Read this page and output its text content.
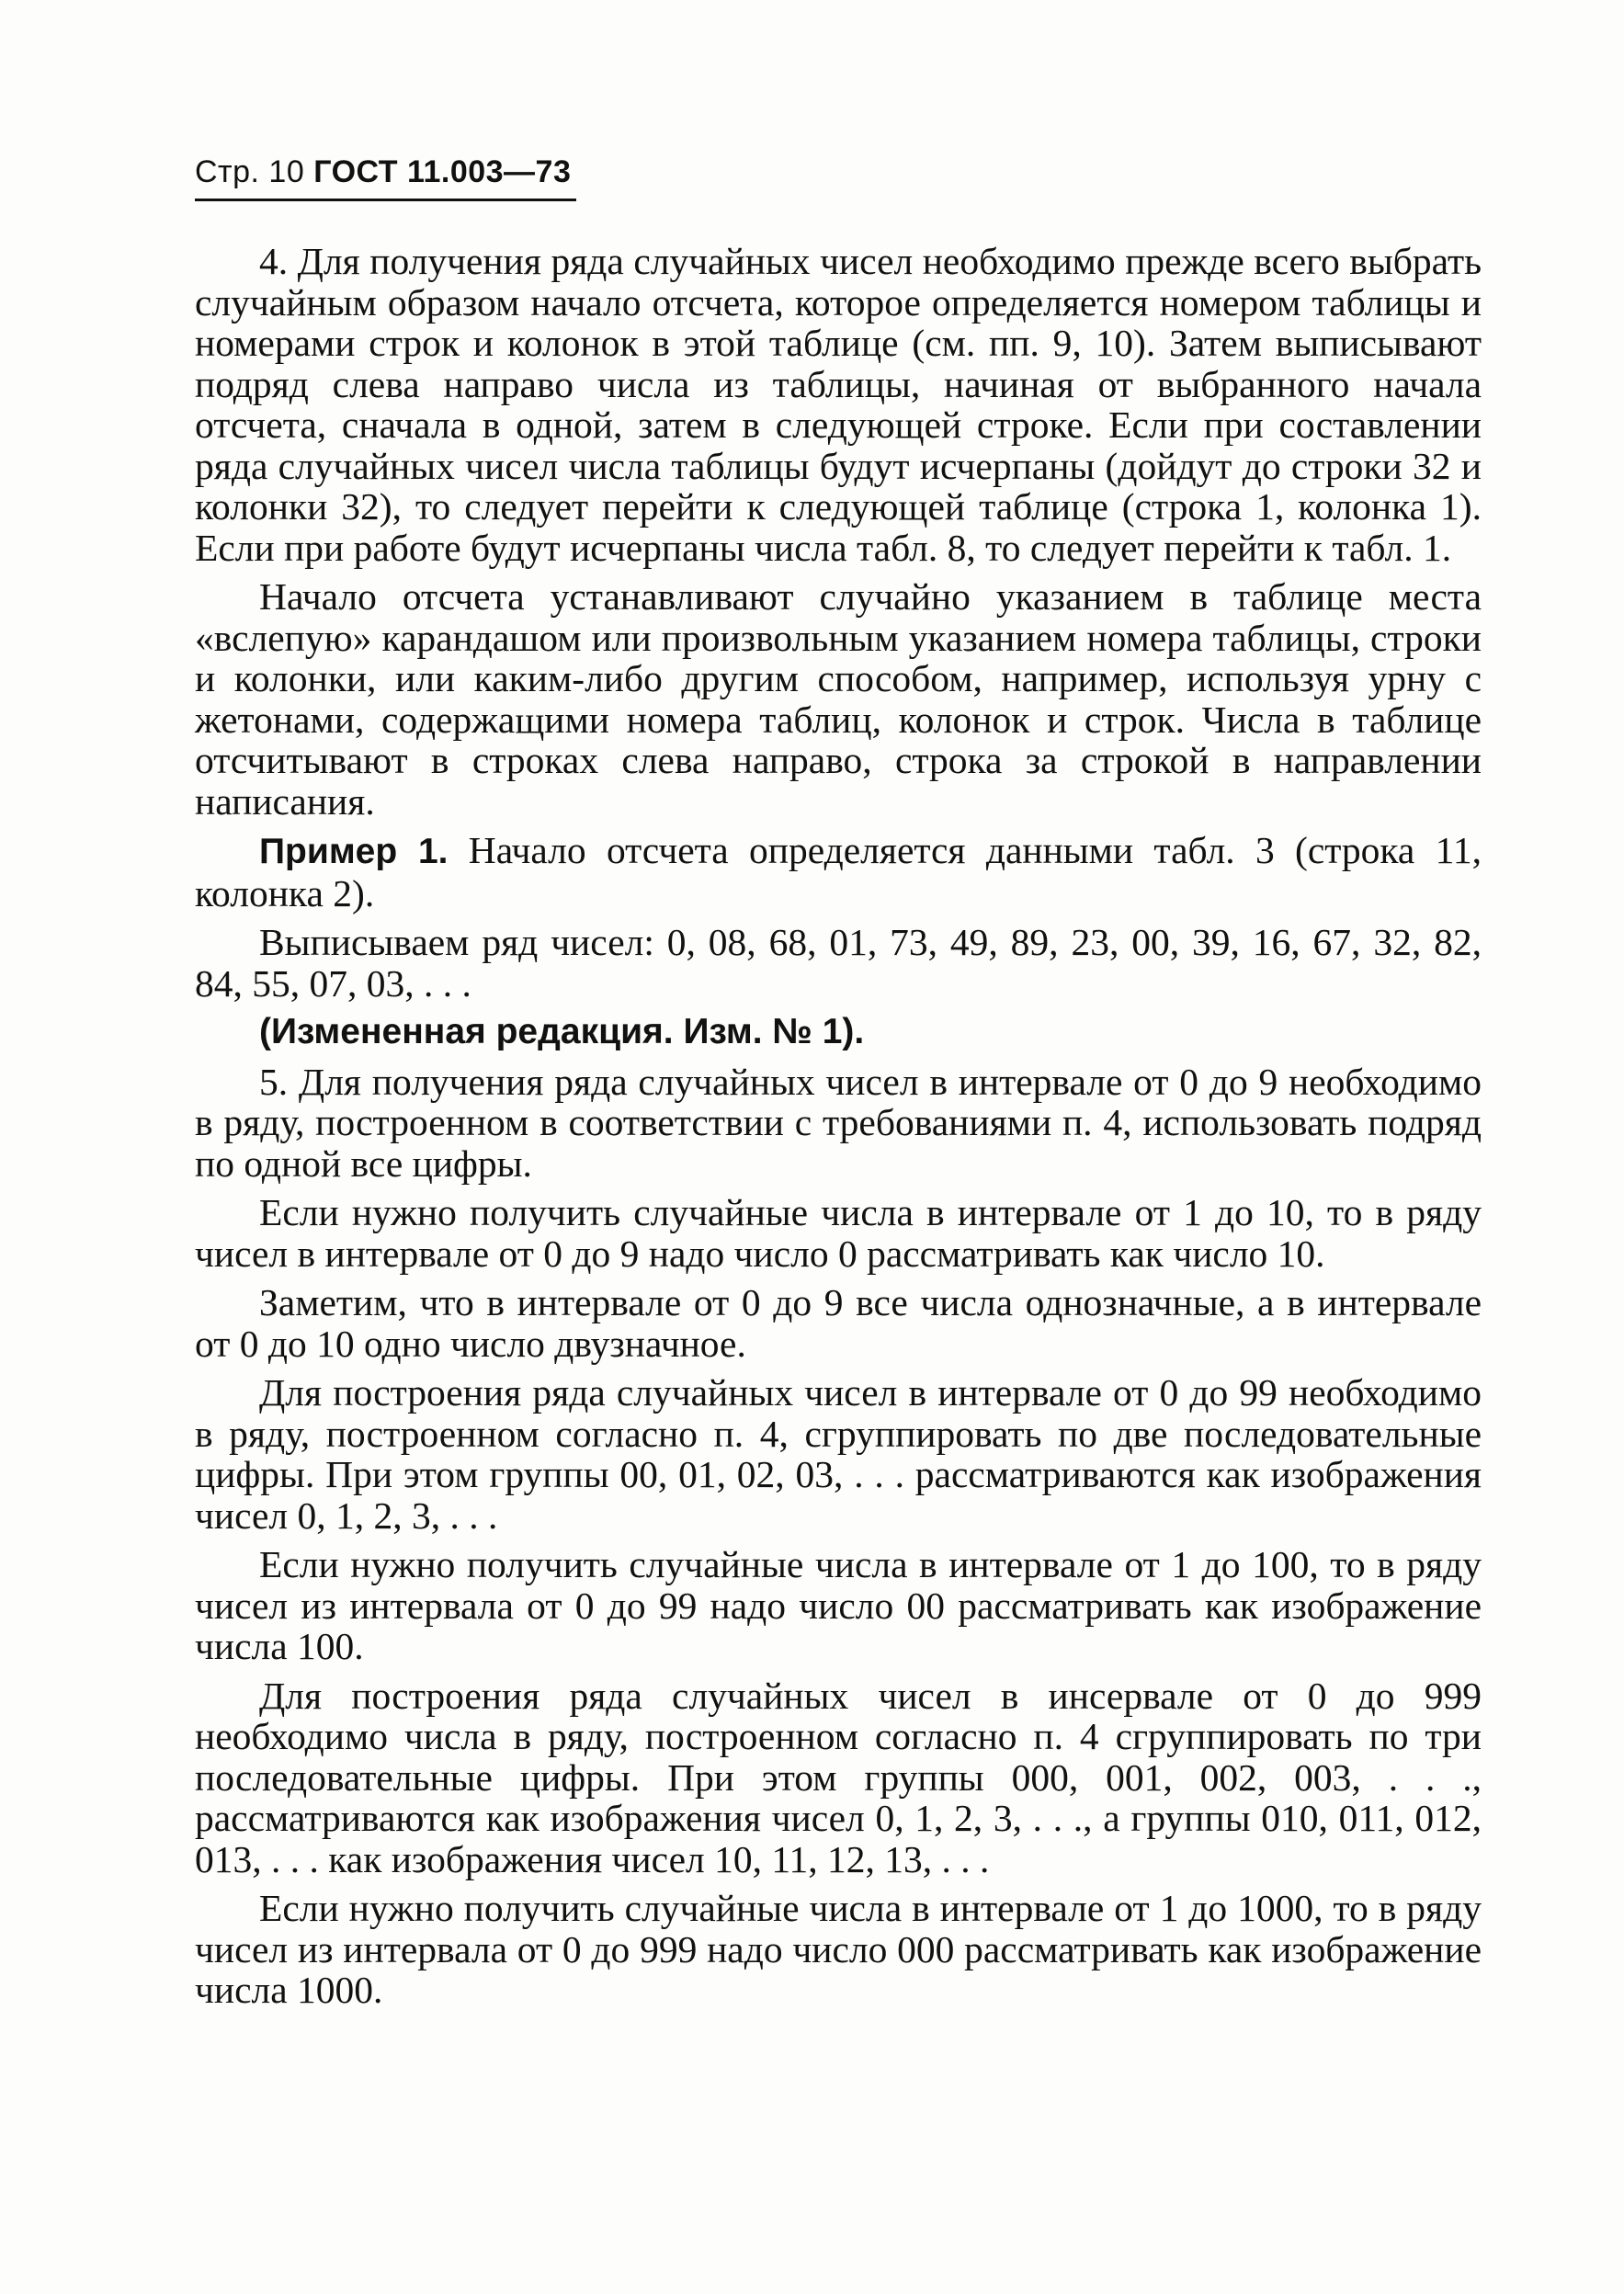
Стр. 10 ГОСТ 11.003—73

4. Для получения ряда случайных чисел необходимо прежде всего выбрать случайным образом начало отсчета, которое определяется номером таблицы и номерами строк и колонок в этой таблице (см. пп. 9, 10). Затем выписывают подряд слева направо числа из таблицы, начиная от выбранного начала отсчета, сначала в одной, затем в следующей строке. Если при составлении ряда случайных чисел числа таблицы будут исчерпаны (дойдут до строки 32 и колонки 32), то следует перейти к следующей таблице (строка 1, колонка 1). Если при работе будут исчерпаны числа табл. 8, то следует перейти к табл. 1.

Начало отсчета устанавливают случайно указанием в таблице места «вслепую» карандашом или произвольным указанием номера таблицы, строки и колонки, или каким-либо другим способом, например, используя урну с жетонами, содержащими номера таблиц, колонок и строк. Числа в таблице отсчитывают в строках слева направо, строка за строкой в направлении написания.

Пример 1. Начало отсчета определяется данными табл. 3 (строка 11, колонка 2).

Выписываем ряд чисел: 0, 08, 68, 01, 73, 49, 89, 23, 00, 39, 16, 67, 32, 82, 84, 55, 07, 03, . . .

(Измененная редакция. Изм. № 1).

5. Для получения ряда случайных чисел в интервале от 0 до 9 необходимо в ряду, построенном в соответствии с требованиями п. 4, использовать подряд по одной все цифры.

Если нужно получить случайные числа в интервале от 1 до 10, то в ряду чисел в интервале от 0 до 9 надо число 0 рассматривать как число 10.

Заметим, что в интервале от 0 до 9 все числа однозначные, а в интервале от 0 до 10 одно число двузначное.

Для построения ряда случайных чисел в интервале от 0 до 99 необходимо в ряду, построенном согласно п. 4, сгруппировать по две последовательные цифры. При этом группы 00, 01, 02, 03, . . . рассматриваются как изображения чисел 0, 1, 2, 3, . . .

Если нужно получить случайные числа в интервале от 1 до 100, то в ряду чисел из интервала от 0 до 99 надо число 00 рассматривать как изображение числа 100.

Для построения ряда случайных чисел в инсервале от 0 до 999 необходимо числа в ряду, построенном согласно п. 4 сгруппировать по три последовательные цифры. При этом группы 000, 001, 002, 003, . . ., рассматриваются как изображения чисел 0, 1, 2, 3, . . ., а группы 010, 011, 012, 013, . . . как изображения чисел 10, 11, 12, 13, . . .

Если нужно получить случайные числа в интервале от 1 до 1000, то в ряду чисел из интервала от 0 до 999 надо число 000 рассматривать как изображение числа 1000.
